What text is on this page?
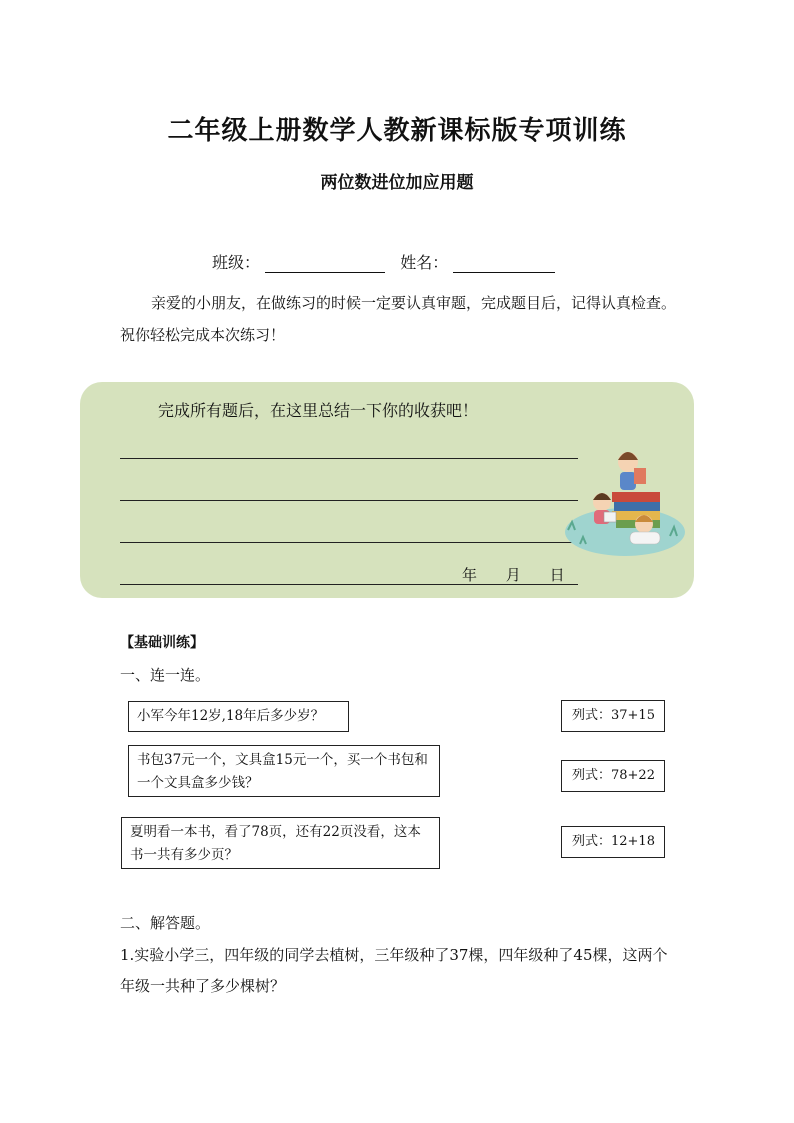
二年级上册数学人教新课标版专项训练
两位数进位加应用题
班级：	姓名：
亲爱的小朋友，在做练习的时候一定要认真审题，完成题目后，记得认真检查。祝你轻松完成本次练习！
完成所有题后，在这里总结一下你的收获吧！
年 月 日
【基础训练】
一、连一连。
小军今年12岁,18年后多少岁？
书包37元一个，文具盒15元一个，买一个书包和一个文具盒多少钱？
夏明看一本书，看了78页，还有22页没看，这本书一共有多少页？
列式：37+15
列式：78+22
列式：12+18
二、解答题。
1.实验小学三，四年级的同学去植树，三年级种了37棵，四年级种了45棵，这两个年级一共种了多少棵树？
